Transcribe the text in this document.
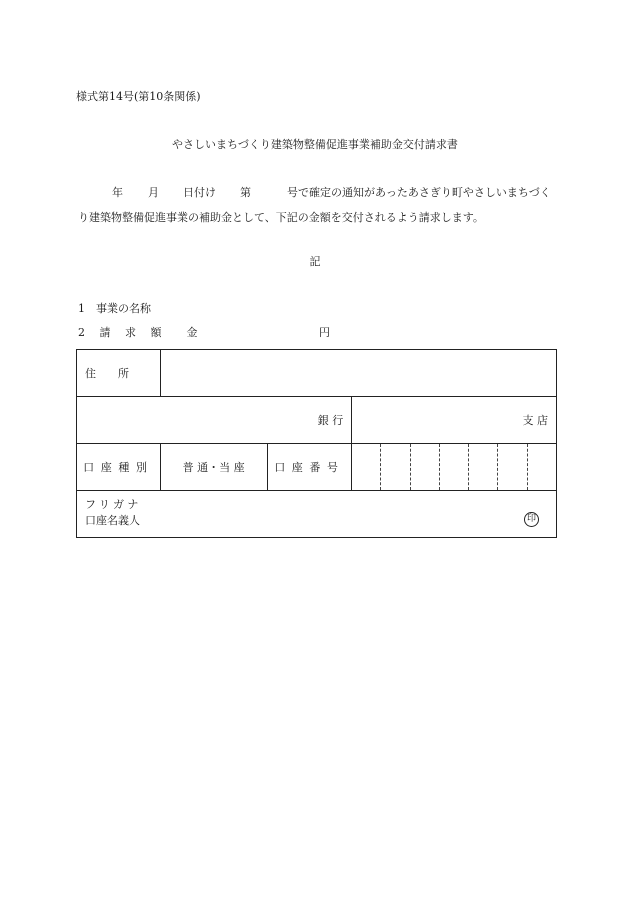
様式第14号(第10条関係)
やさしいまちづくり建築物整備促進事業補助金交付請求書
年 月 日付け 第	号で確定の通知があったあさぎり町やさしいまちづくり建築物整備促進事業の補助金として、下記の金額を交付されるよう請求します。
記
1　事業の名称
2 請 求 額 金	円
住　　所									
銀 行			支 店						
口座種別	普 通・当 座	口座番号							

フリガナ
口座名義人 印									
